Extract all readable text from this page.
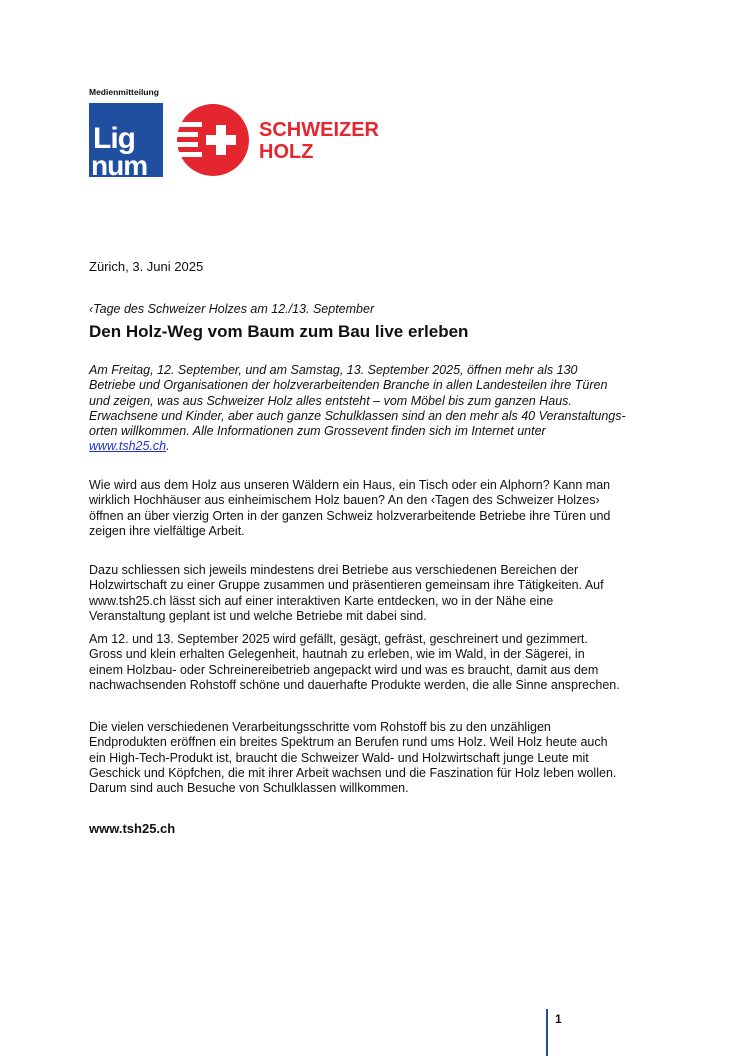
Medienmitteilung
Lig
num
SCHWEIZER
HOLZ
Zürich, 3. Juni 2025
‹Tage des Schweizer Holzes am 12./13. September
Den Holz-Weg vom Baum zum Bau live erleben
Am Freitag, 12. September, und am Samstag, 13. September 2025, öffnen mehr als 130
Betriebe und Organisationen der holzverarbeitenden Branche in allen Landesteilen ihre Türen
und zeigen, was aus Schweizer Holz alles entsteht – vom Möbel bis zum ganzen Haus.
Erwachsene und Kinder, aber auch ganze Schulklassen sind an den mehr als 40 Veranstaltungs-
orten willkommen. Alle Informationen zum Grossevent finden sich im Internet unter
www.tsh25.ch.
Wie wird aus dem Holz aus unseren Wäldern ein Haus, ein Tisch oder ein Alphorn? Kann man
wirklich Hochhäuser aus einheimischem Holz bauen? An den ‹Tagen des Schweizer Holzes›
öffnen an über vierzig Orten in der ganzen Schweiz holzverarbeitende Betriebe ihre Türen und
zeigen ihre vielfältige Arbeit.
Dazu schliessen sich jeweils mindestens drei Betriebe aus verschiedenen Bereichen der
Holzwirtschaft zu einer Gruppe zusammen und präsentieren gemeinsam ihre Tätigkeiten. Auf
www.tsh25.ch lässt sich auf einer interaktiven Karte entdecken, wo in der Nähe eine
Veranstaltung geplant ist und welche Betriebe mit dabei sind.
Am 12. und 13. September 2025 wird gefällt, gesägt, gefräst, geschreinert und gezimmert.
Gross und klein erhalten Gelegenheit, hautnah zu erleben, wie im Wald, in der Sägerei, in
einem Holzbau- oder Schreinereibetrieb angepackt wird und was es braucht, damit aus dem
nachwachsenden Rohstoff schöne und dauerhafte Produkte werden, die alle Sinne ansprechen.
Die vielen verschiedenen Verarbeitungsschritte vom Rohstoff bis zu den unzähligen
Endprodukten eröffnen ein breites Spektrum an Berufen rund ums Holz. Weil Holz heute auch
ein High-Tech-Produkt ist, braucht die Schweizer Wald- und Holzwirtschaft junge Leute mit
Geschick und Köpfchen, die mit ihrer Arbeit wachsen und die Faszination für Holz leben wollen.
Darum sind auch Besuche von Schulklassen willkommen.
www.tsh25.ch
1
